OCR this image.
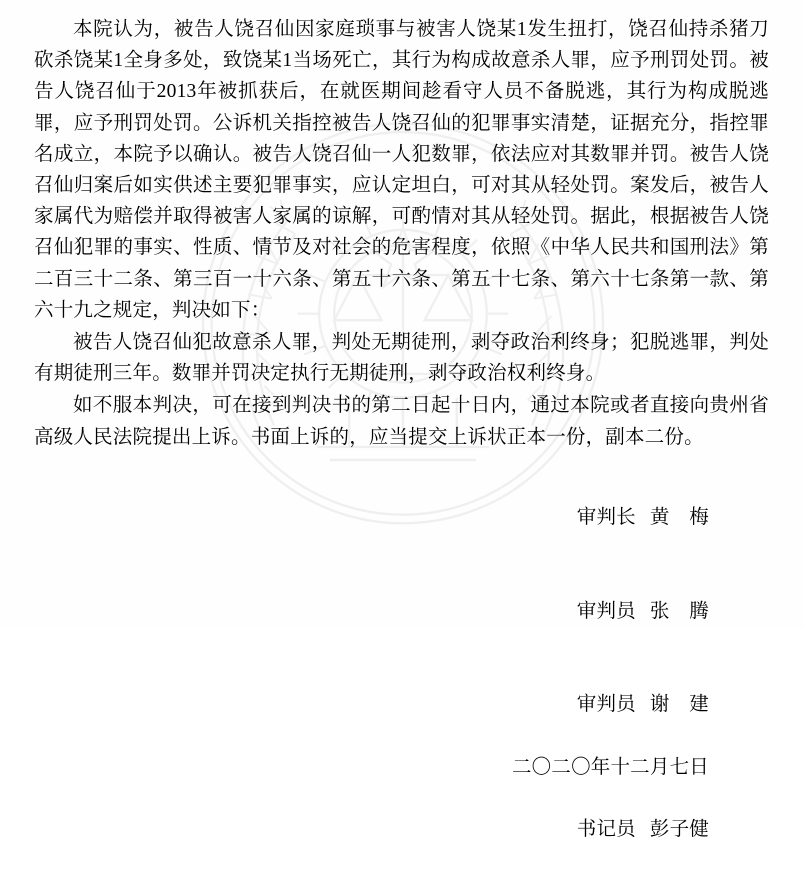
本院认为，被告人饶召仙因家庭琐事与被害人饶某1发生扭打，饶召仙持杀猪刀砍杀饶某1全身多处，致饶某1当场死亡，其行为构成故意杀人罪，应予刑罚处罚。被告人饶召仙于2013年被抓获后，在就医期间趁看守人员不备脱逃，其行为构成脱逃罪，应予刑罚处罚。公诉机关指控被告人饶召仙的犯罪事实清楚，证据充分，指控罪名成立，本院予以确认。被告人饶召仙一人犯数罪，依法应对其数罪并罚。被告人饶召仙归案后如实供述主要犯罪事实，应认定坦白，可对其从轻处罚。案发后，被告人家属代为赔偿并取得被害人家属的谅解，可酌情对其从轻处罚。据此，根据被告人饶召仙犯罪的事实、性质、情节及对社会的危害程度，依照《中华人民共和国刑法》第二百三十二条、第三百一十六条、第五十六条、第五十七条、第六十七条第一款、第六十九之规定，判决如下：

被告人饶召仙犯故意杀人罪，判处无期徒刑，剥夺政治利终身；犯脱逃罪，判处有期徒刑三年。数罪并罚决定执行无期徒刑，剥夺政治权利终身。

如不服本判决，可在接到判决书的第二日起十日内，通过本院或者直接向贵州省高级人民法院提出上诉。书面上诉的，应当提交上诉状正本一份，副本二份。

审判长 黄　梅

审判员 张　腾

审判员 谢　建

二〇二〇年十二月七日

书记员 彭子健
